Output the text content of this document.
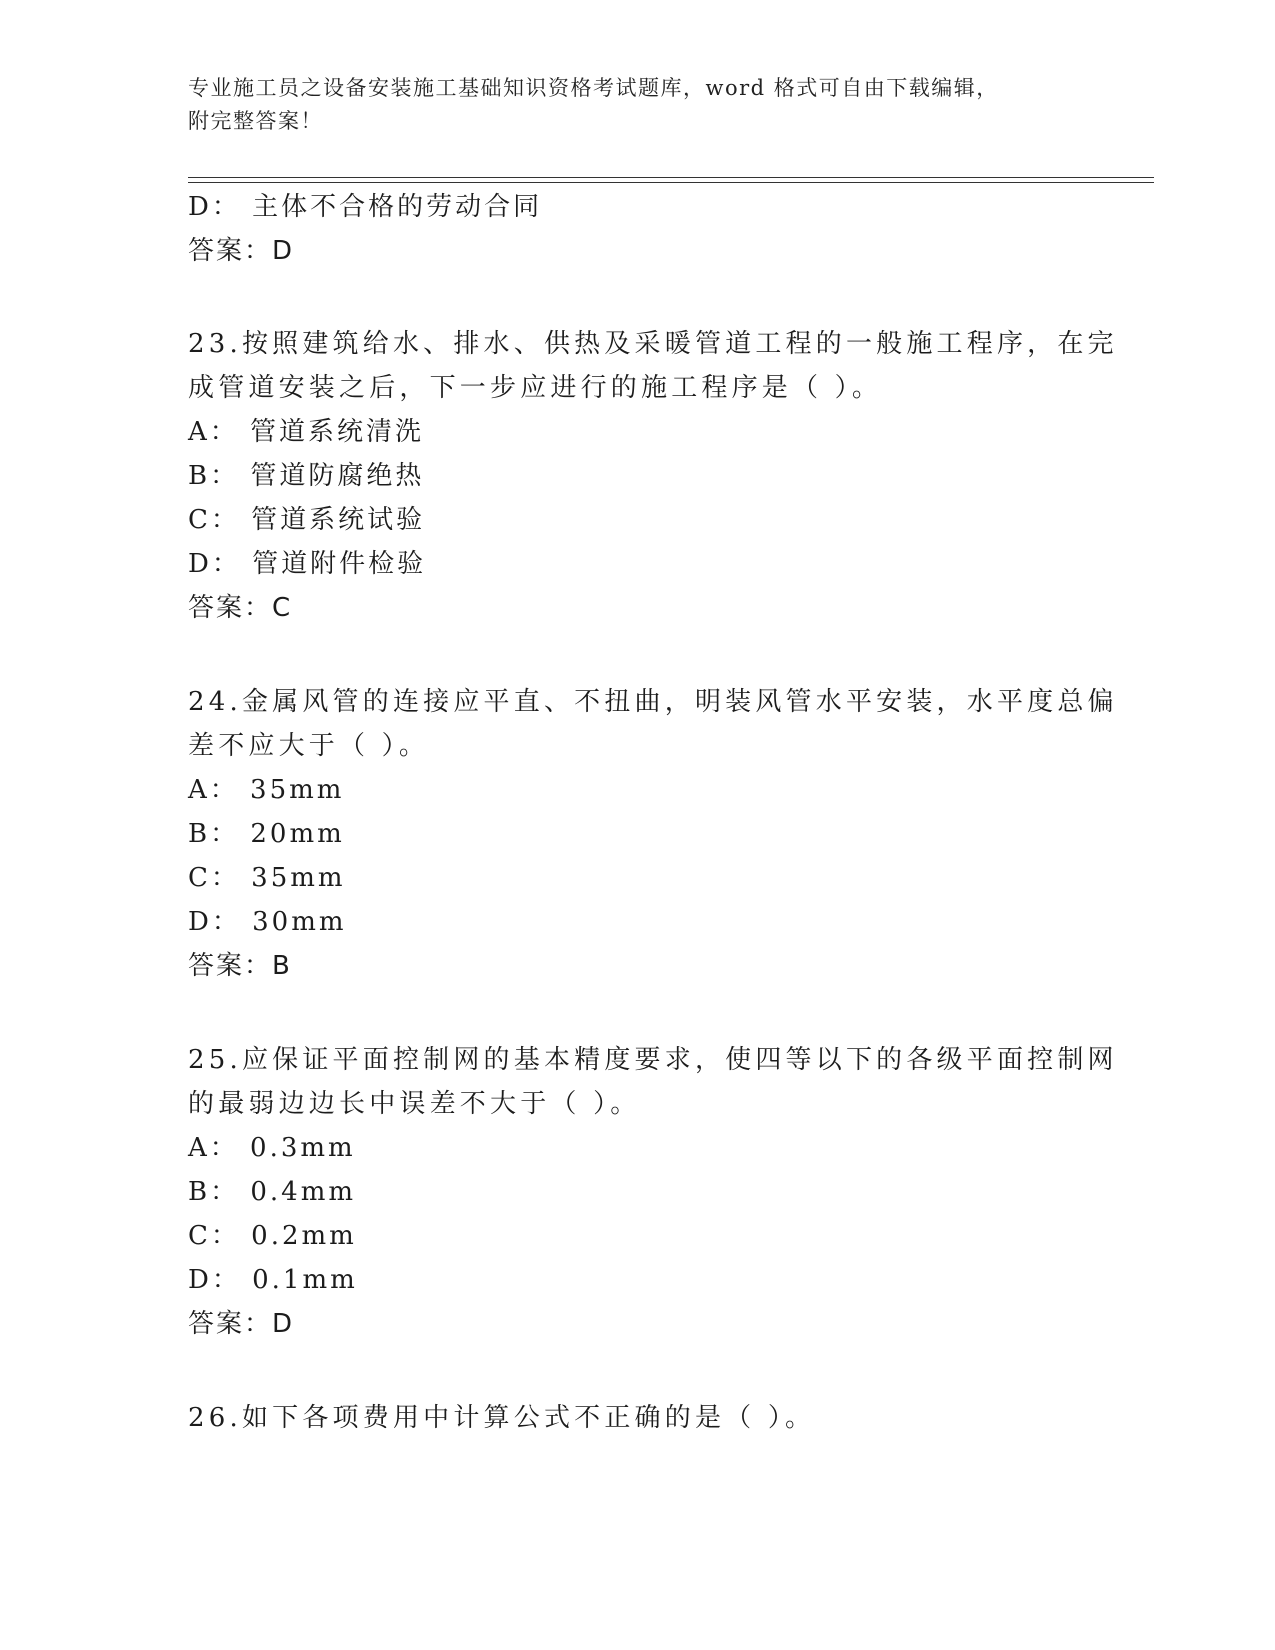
专业施工员之设备安装施工基础知识资格考试题库，word 格式可自由下载编辑，
附完整答案！
D： 主体不合格的劳动合同
答案：D
23.按照建筑给水、排水、供热及采暖管道工程的一般施工程序，在完
成管道安装之后，下一步应进行的施工程序是（ ）。
A： 管道系统清洗
B： 管道防腐绝热
C： 管道系统试验
D： 管道附件检验
答案：C
24.金属风管的连接应平直、不扭曲，明装风管水平安装，水平度总偏
差不应大于（ ）。
A： 35mm
B： 20mm
C： 35mm
D： 30mm
答案：B
25.应保证平面控制网的基本精度要求，使四等以下的各级平面控制网
的最弱边边长中误差不大于（ ）。
A： 0.3mm
B： 0.4mm
C： 0.2mm
D： 0.1mm
答案：D
26.如下各项费用中计算公式不正确的是（ ）。
